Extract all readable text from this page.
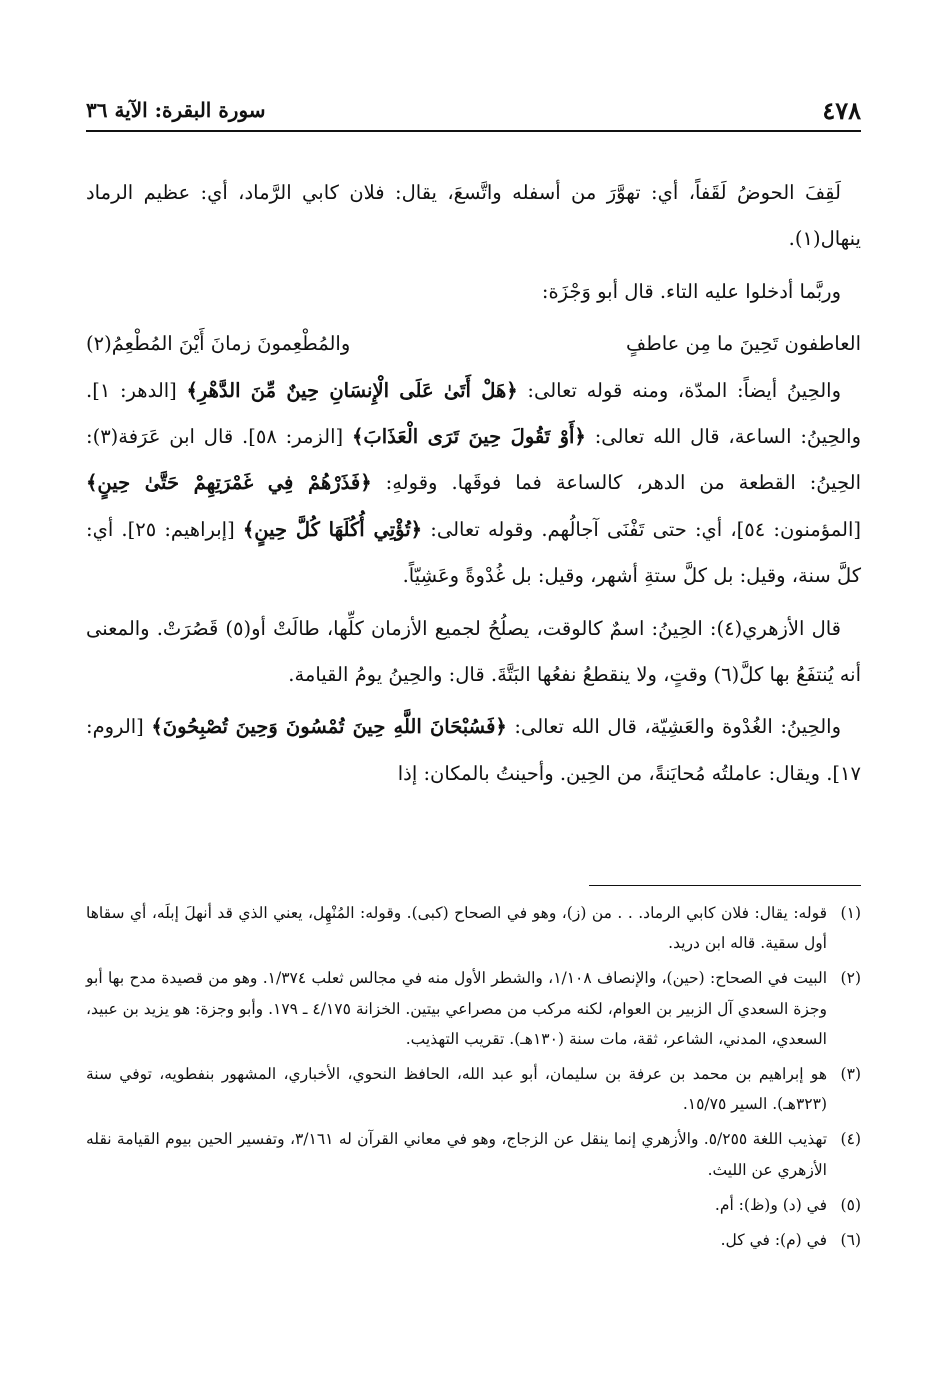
٤٧٨
سورة البقرة: الآية ٣٦

لَقِفَ الحوضُ لَقَفاً، أي: تهوَّرَ من أسفله واتَّسعَ، يقال: فلان كابي الرَّماد، أي: عظيم الرماد ينهال(١).

وربَّما أدخلوا عليه التاء. قال أبو وَجْزَة:

العاطفون تَحِينَ ما مِن عاطفٍ
والمُطْعِمونَ زمانَ أَيْنَ المُطْعِمُ(٢)

والحِينُ أيضاً: المدّة، ومنه قوله تعالى: ﴿هَلْ أَتَىٰ عَلَى الْإِنسَانِ حِينٌ مِّنَ الدَّهْرِ﴾ [الدهر: ١]. والحِينُ: الساعة، قال الله تعالى: ﴿أَوْ تَقُولَ حِينَ تَرَى الْعَذَابَ﴾ [الزمر: ٥٨]. قال ابن عَرَفة(٣): الحِينُ: القطعة من الدهر، كالساعة فما فوقَها. وقولهِ: ﴿فَذَرْهُمْ فِي غَمْرَتِهِمْ حَتَّىٰ حِينٍ﴾ [المؤمنون: ٥٤]، أي: حتى تَفْنَى آجالُهم. وقوله تعالى: ﴿تُؤْتِي أُكُلَهَا كُلَّ حِينٍ﴾ [إبراهيم: ٢٥]. أي: كلَّ سنة، وقيل: بل كلَّ ستةِ أشهر، وقيل: بل غُدْوةً وعَشِيّاً.

قال الأزهري(٤): الحِينُ: اسمٌ كالوقت، يصلُحُ لجميع الأزمان كلِّها، طالَتْ أو(٥) قَصُرَتْ. والمعنى أنه يُنتفَعُ بها كلَّ(٦) وقتٍ، ولا ينقطعُ نفعُها البَتَّةَ. قال: والحِينُ يومُ القيامة.

والحِينُ: الغُدْوة والعَشِيّة، قال الله تعالى: ﴿فَسُبْحَانَ اللَّهِ حِينَ تُمْسُونَ وَحِينَ تُصْبِحُونَ﴾ [الروم: ١٧]. ويقال: عاملتُه مُحايَنةً، من الحِين. وأحينتُ بالمكان: إذا

(١)
قوله: يقال: فلان كابي الرماد. . . من (ز)، وهو في الصحاح (كبى). وقوله: المُنْهِل، يعني الذي قد أنهلَ إبلَه، أي سقاها أول سقية. قاله ابن دريد.
(٢)
البيت في الصحاح: (حين)، والإنصاف ١/١٠٨، والشطر الأول منه في مجالس ثعلب ١/٣٧٤. وهو من قصيدة مدح بها أبو وجزة السعدي آل الزبير بن العوام، لكنه مركب من مصراعي بيتين. الخزانة ٤/١٧٥ ـ ١٧٩. وأبو وجزة: هو يزيد بن عبيد، السعدي، المدني، الشاعر، ثقة، مات سنة (١٣٠هـ). تقريب التهذيب.
(٣)
هو إبراهيم بن محمد بن عرفة بن سليمان، أبو عبد الله، الحافظ النحوي، الأخباري، المشهور بنفطويه، توفي سنة (٣٢٣هـ). السير ١٥/٧٥.
(٤)
تهذيب اللغة ٥/٢٥٥. والأزهري إنما ينقل عن الزجاج، وهو في معاني القرآن له ٣/١٦١، وتفسير الحين بيوم القيامة نقله الأزهري عن الليث.
(٥)
في (د) و(ظ): أم.
(٦)
في (م): في كل.
